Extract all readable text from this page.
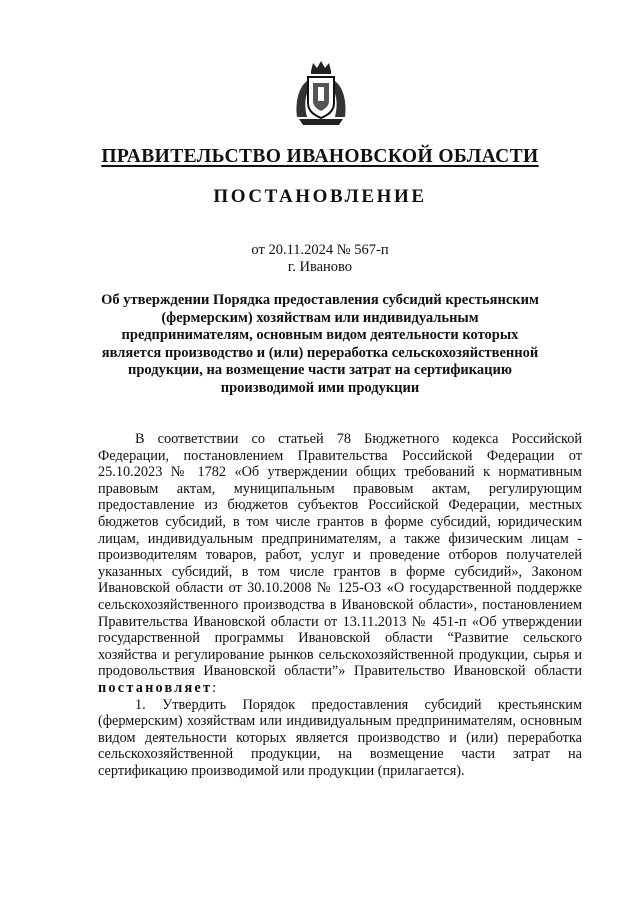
ПРАВИТЕЛЬСТВО ИВАНОВСКОЙ ОБЛАСТИ
ПОСТАНОВЛЕНИЕ
от 20.11.2024 № 567-п
г. Иваново
Об утверждении Порядка предоставления субсидий крестьянским (фермерским) хозяйствам или индивидуальным предпринимателям, основным видом деятельности которых является производство и (или) переработка сельскохозяйственной продукции, на возмещение части затрат на сертификацию производимой ими продукции

В соответствии со статьей 78 Бюджетного кодекса Российской Федерации, постановлением Правительства Российской Федерации от 25.10.2023 № 1782 «Об утверждении общих требований к нормативным правовым актам, муниципальным правовым актам, регулирующим предоставление из бюджетов субъектов Российской Федерации, местных бюджетов субсидий, в том числе грантов в форме субсидий, юридическим лицам, индивидуальным предпринимателям, а также физическим лицам - производителям товаров, работ, услуг и проведение отборов получателей указанных субсидий, в том числе грантов в форме субсидий», Законом Ивановской области от 30.10.2008 № 125-ОЗ «О государственной поддержке сельскохозяйственного производства в Ивановской области», постановлением Правительства Ивановской области от 13.11.2013 № 451-п «Об утверждении государственной программы Ивановской области “Развитие сельского хозяйства и регулирование рынков сельскохозяйственной продукции, сырья и продовольствия Ивановской области”» Правительство Ивановской области постановляет:

1. Утвердить Порядок предоставления субсидий крестьянским (фермерским) хозяйствам или индивидуальным предпринимателям, основным видом деятельности которых является производство и (или) переработка сельскохозяйственной продукции, на возмещение части затрат на сертификацию производимой или продукции (прилагается).
